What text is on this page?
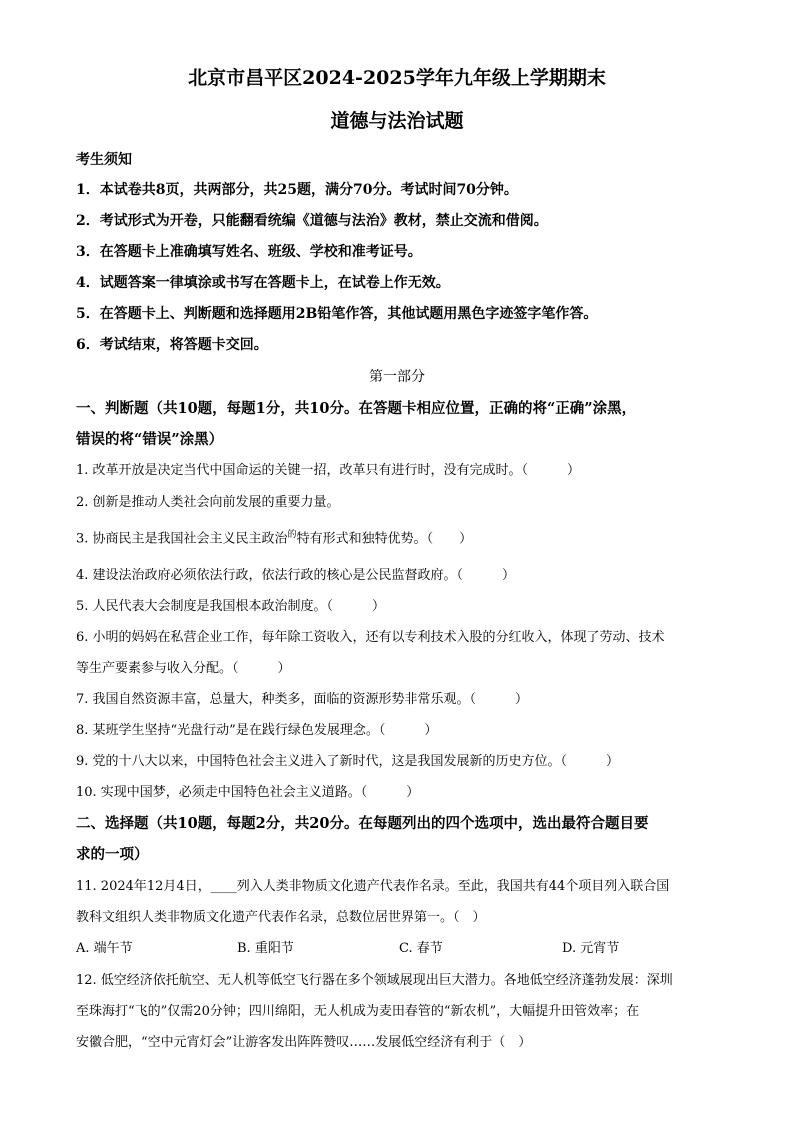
北京市昌平区2024-2025学年九年级上学期期末
道德与法治试题
考生须知
1．本试卷共8页，共两部分，共25题，满分70分。考试时间70分钟。
2．考试形式为开卷，只能翻看统编《道德与法治》教材，禁止交流和借阅。
3．在答题卡上准确填写姓名、班级、学校和准考证号。
4．试题答案一律填涂或书写在答题卡上，在试卷上作无效。
5．在答题卡上、判断题和选择题用2B铅笔作答，其他试题用黑色字迹签字笔作答。
6．考试结束，将答题卡交回。
第一部分
一、判断题（共10题，每题1分，共10分。在答题卡相应位置，正确的将“正确”涂黑，
错误的将“错误”涂黑）
1. 改革开放是决定当代中国命运的关键一招，改革只有进行时，没有完成时。（　　　）
2. 创新是推动人类社会向前发展的重要力量。
3. 协商民主是我国社会主义民主政治$^的$特有形式和独特优势。（　　）
4. 建设法治政府必须依法行政，依法行政的核心是公民监督政府。（　　　）
5. 人民代表大会制度是我国根本政治制度。（　　　）
6. 小明的妈妈在私营企业工作，每年除工资收入，还有以专利技术入股的分红收入，体现了劳动、技术
等生产要素参与收入分配。（　　　）
7. 我国自然资源丰富，总量大，种类多，面临的资源形势非常乐观。（　　　）
8. 某班学生坚持“光盘行动”是在践行绿色发展理念。（　　　）
9. 党的十八大以来，中国特色社会主义进入了新时代，这是我国发展新的历史方位。（　　　）
10. 实现中国梦，必须走中国特色社会主义道路。（　　　）
二、选择题（共10题，每题2分，共20分。在每题列出的四个选项中，选出最符合题目要
求的一项）
11. 2024年12月4日，____列入人类非物质文化遗产代表作名录。至此，我国共有44个项目列入联合国
教科文组织人类非物质文化遗产代表作名录，总数位居世界第一。（　）
A. 端午节	B. 重阳节	C. 春节	D. 元宵节
12. 低空经济依托航空、无人机等低空飞行器在多个领域展现出巨大潜力。各地低空经济蓬勃发展：深圳
至珠海打“飞的”仅需20分钟；四川绵阳，无人机成为麦田春管的“新农机”，大幅提升田管效率；在
安徽合肥，“空中元宵灯会”让游客发出阵阵赞叹……发展低空经济有利于（　）
